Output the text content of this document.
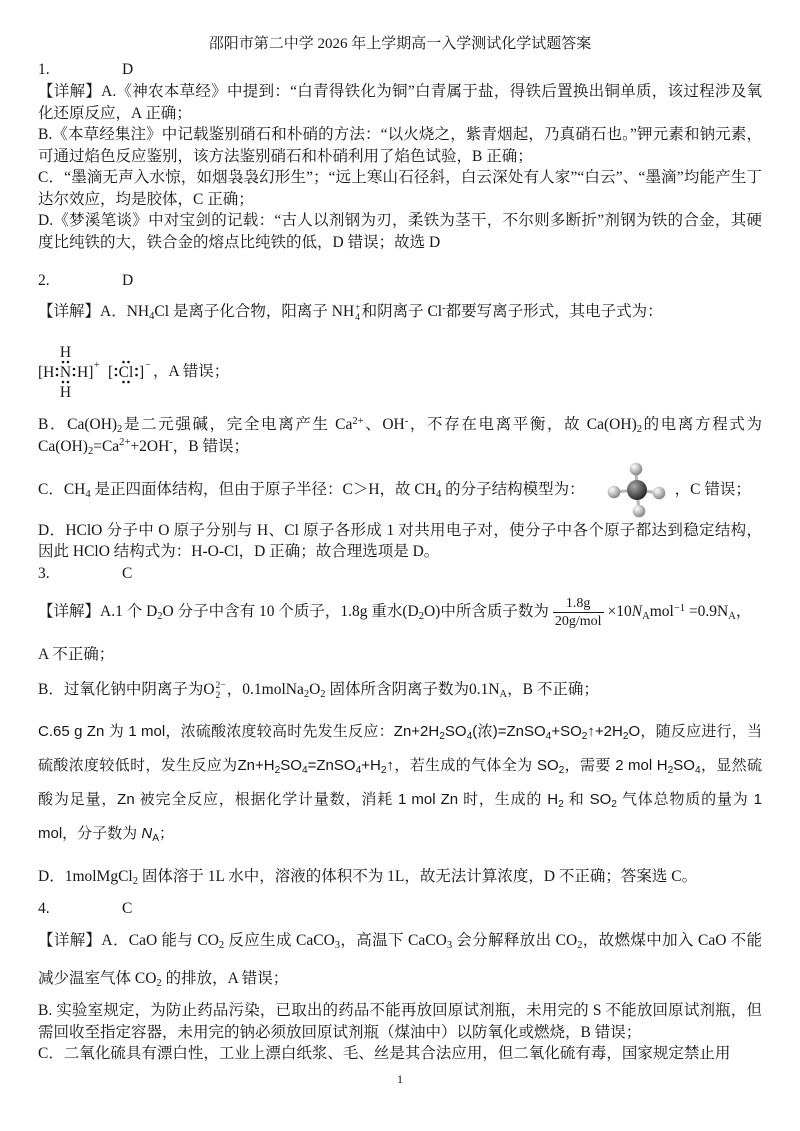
邵阳市第二中学 2026 年上学期高一入学测试化学试题答案
1.	D

【详解】A.《神农本草经》中提到：“白青得铁化为铜”白青属于盐，得铁后置换出铜单质，该过程涉及氧化还原反应，A 正确；

B.《本草经集注》中记载鉴别硝石和朴硝的方法：“以火烧之，紫青烟起，乃真硝石也。”钾元素和钠元素，可通过焰色反应鉴别，该方法鉴别硝石和朴硝利用了焰色试验，B 正确；

C．“墨滴无声入水惊，如烟袅袅幻形生”；“远上寒山石径斜，白云深处有人家”“白云”、“墨滴”均能产生丁达尔效应，均是胶体，C 正确；

D.《梦溪笔谈》中对宝剑的记载：“古人以剂钢为刃，柔铁为茎干，不尔则多断折”剂钢为铁的合金，其硬度比纯铁的大，铁合金的熔点比纯铁的低，D 错误；故选 D

2.	D

【详解】A．$NH_4Cl$ 是离子化合物，阳离子 NH +
4 和阴离子 Cl-都要写离子形式，其电子式为：

H
[H N H] +
H
[ Cl ] − ，A 错误；

B．$Ca(OH)_2$是二元强碱，完全电离产生 $Ca^{2+}$、OH-，不存在电离平衡，故 $Ca(OH)_2$的电离方程式为 $Ca(OH)_2=Ca^{2+}+2OH^-$，B 错误；

C．$CH_4$ 是正四面体结构，但由于原子半径：C＞H，故 $CH_4$ 的分子结构模型为：	，C 错误；

D．HClO 分子中 O 原子分别与 H、Cl 原子各形成 1 对共用电子对，使分子中各个原子都达到稳定结构，因此 HClO 结构式为：H-O-Cl，D 正确；故合理选项是 D。

3.	C
【详解】A.1 个 $D_2O$ 分子中含有 10 个质子，1.8g 重水$(D_2O)$中所含质子数为 $\frac{1.8g}{\text{20g/mol}} \times 10N_Amol^{-1} =0.9N_A$，

A 不正确；

B．过氧化钠中阴离子为O 2−
2 ，$0.1molNa_2O_2$ 固体所含阴离子数为$0.1N_A$，B 不正确；

C.65 g Zn 为 1 mol，浓硫酸浓度较高时先发生反应：$Zn+2H_2SO_4$(浓)$=ZnSO_4+SO_2↑+2H_2O$，随反应进行，当硫酸浓度较低时，发生反应为$Zn+H_2SO_4=ZnSO_4+H_2↑$，若生成的气体全为 $SO_2$，需要 2 mol $H_2SO_4$，显然硫酸为足量，Zn 被完全反应，根据化学计量数，消耗 1 mol Zn 时，生成的 $H_2$ 和 $SO_2$ 气体总物质的量为 1 mol，分子数为 $N_A$；

D．1molMgCl$_2$ 固体溶于 1L 水中，溶液的体积不为 1L，故无法计算浓度，D 不正确；答案选 C。

4.	C

【详解】A．CaO 能与 $CO_2$ 反应生成 CaCO$_3$，高温下 CaCO$_3$ 会分解释放出 $CO_2$，故燃煤中加入 CaO 不能减少温室气体 $CO_2$ 的排放，A 错误；

B. 实验室规定，为防止药品污染，已取出的药品不能再放回原试剂瓶，未用完的 S 不能放回原试剂瓶，但需回收至指定容器，未用完的钠必须放回原试剂瓶（煤油中）以防氧化或燃烧，B 错误；

C．二氧化硫具有漂白性，工业上漂白纸浆、毛、丝是其合法应用，但二氧化硫有毒，国家规定禁止用

1
